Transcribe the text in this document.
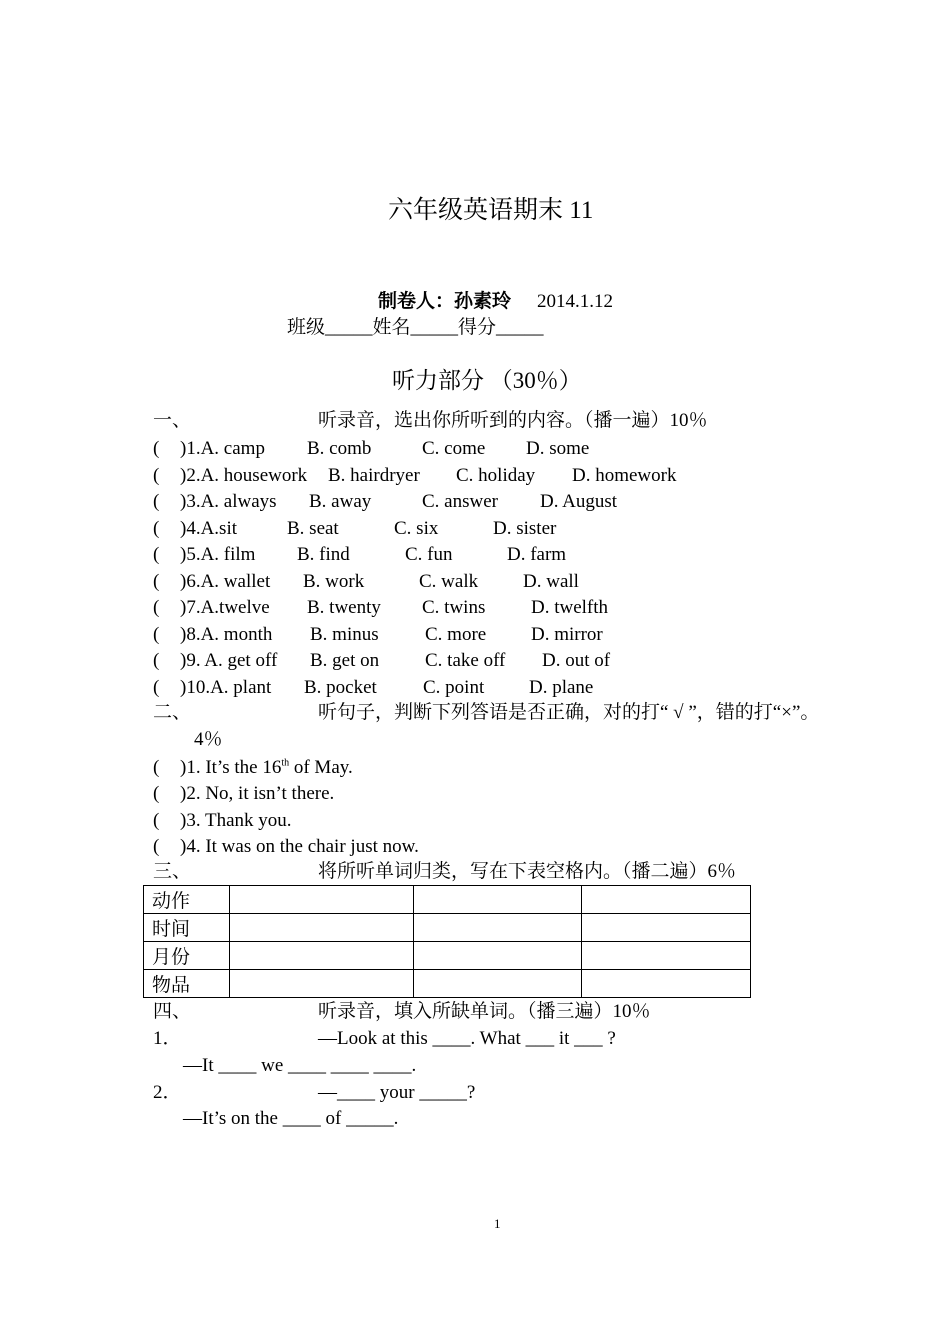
六年级英语期末 11
制卷人：孙素玲 2014.1.12
班级_____姓名_____得分_____
听力部分 （30％）
一、	听录音，选出你所听到的内容。（播一遍）10％
( )1.A. camp B. comb	C. come D. some
( )2.A. housework B. hairdryer C. holiday D. homework
( )3.A. always B. away	C. answer D. August
( )4.A.sit	B. seat	C. six	D. sister
( )5.A. film B. find	C. fun	D. farm
( )6.A. wallet B. work	C. walk D. wall
( )7.A.twelve B. twenty C. twins D. twelfth
( )8.A. month B. minus C. more D. mirror
( )9. A. get off B. get on C. take off D. out of
( )10.A. plant B. pocket C. point D. plane
二、	听句子，判断下列答语是否正确，对的打“ √ ”，错的打“×”。
4％
( )1. It’s the 16th of May.
( )2. No, it isn’t there.
( )3. Thank you.
( )4. It was on the chair just now.
三、	将所听单词归类，写在下表空格内。（播二遍）6％
动作			
时间			
月份			
物品			
四、	听录音，填入所缺单词。（播三遍）10％
1．	—Look at this ____. What ___ it ___ ?
—It ____ we ____ ____ ____.
2．	—____ your _____?
—It’s on the ____ of _____.
1
